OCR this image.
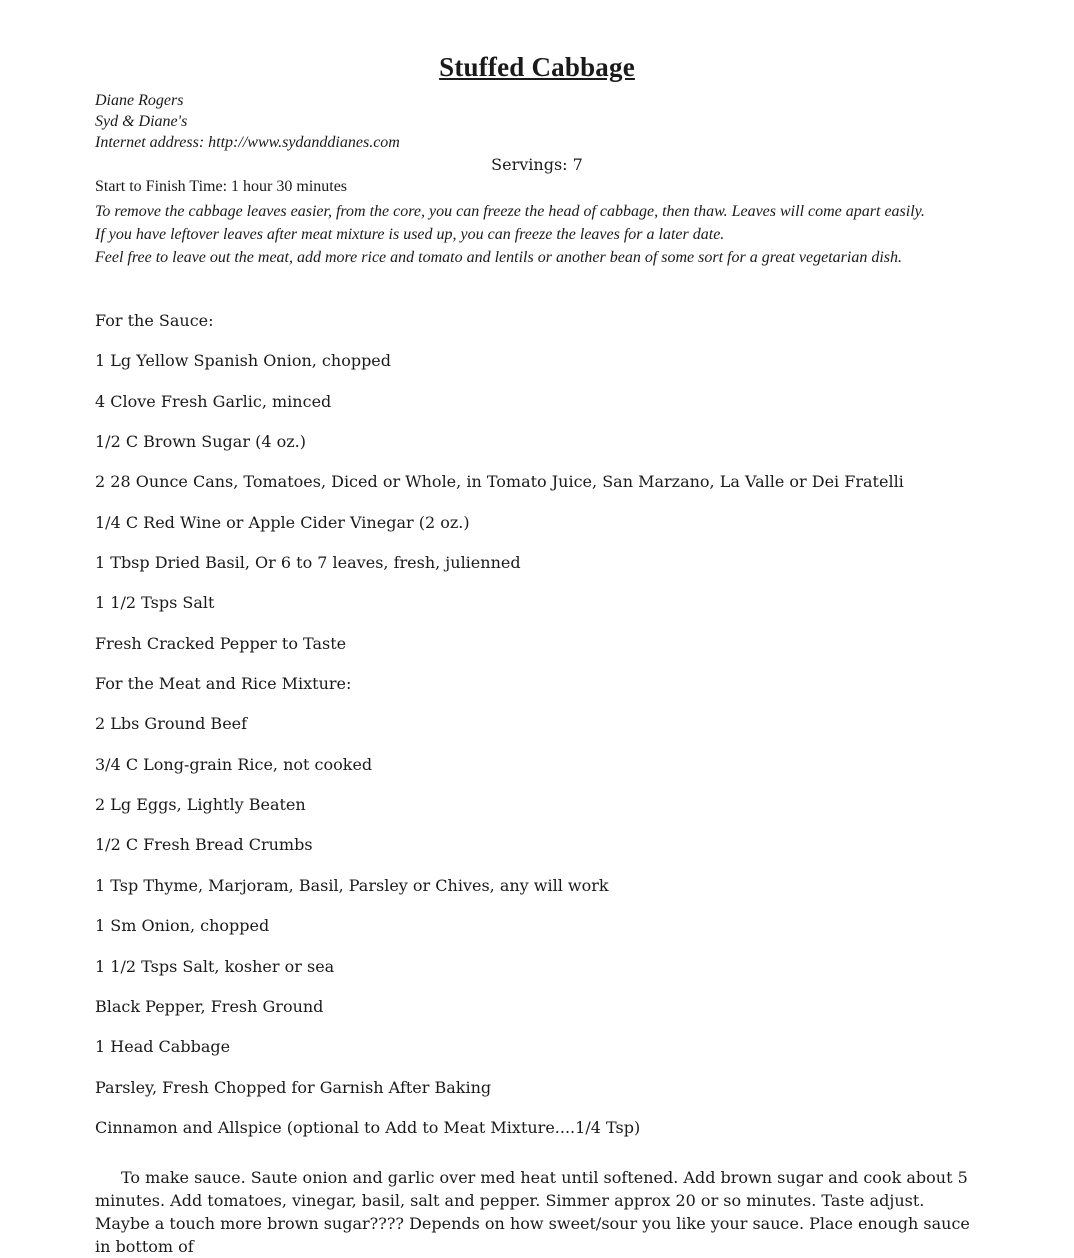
Stuffed Cabbage
Diane Rogers
Syd & Diane's
Internet address: http://www.sydanddianes.com
Servings: 7
Start to Finish Time: 1 hour 30 minutes

To remove the cabbage leaves easier, from the core, you can freeze the head of cabbage, then thaw. Leaves will come apart easily.

If you have leftover leaves after meat mixture is used up, you can freeze the leaves for a later date.

Feel free to leave out the meat, add more rice and tomato and lentils or another bean of some sort for a great vegetarian dish.

For the Sauce:
1 Lg Yellow Spanish Onion, chopped
4 Clove Fresh Garlic, minced
1/2 C Brown Sugar (4 oz.)
2 28 Ounce Cans, Tomatoes, Diced or Whole, in Tomato Juice, San Marzano, La Valle or Dei Fratelli
1/4 C Red Wine or Apple Cider Vinegar (2 oz.)
1 Tbsp Dried Basil, Or 6 to 7 leaves, fresh, julienned
1 1/2 Tsps Salt
Fresh Cracked Pepper to Taste
For the Meat and Rice Mixture:
2 Lbs Ground Beef
3/4 C Long-grain Rice, not cooked
2 Lg Eggs, Lightly Beaten
1/2 C Fresh Bread Crumbs
1 Tsp Thyme, Marjoram, Basil, Parsley or Chives, any will work
1 Sm Onion, chopped
1 1/2 Tsps Salt, kosher or sea
Black Pepper, Fresh Ground
1 Head Cabbage
Parsley, Fresh Chopped for Garnish After Baking
Cinnamon and Allspice (optional to Add to Meat Mixture....1/4 Tsp)

To make sauce. Saute onion and garlic over med heat until softened. Add brown sugar and cook about 5 minutes. Add tomatoes, vinegar, basil, salt and pepper. Simmer approx 20 or so minutes. Taste adjust. Maybe a touch more brown sugar???? Depends on how sweet/sour you like your sauce. Place enough sauce in bottom of
